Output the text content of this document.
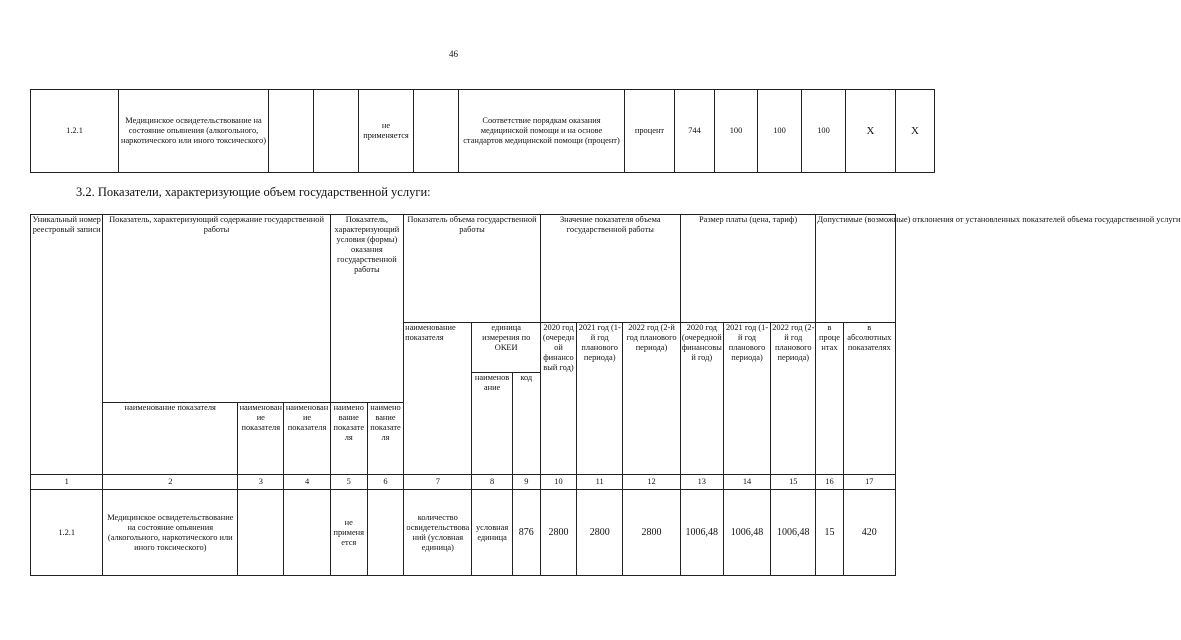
46
1.2.1	Медицинское освидетельствование на состояние опьянения (алкогольного, наркотического или иного токсического)			не применяется		Соответствие порядкам оказания медицинской помощи и на основе стандартов медицинской помощи (процент)	процент	744	100	100	100	X	X
3.2. Показатели, характеризующие объем государственной услуги:
Уникальный номер реестровый записи	Показатель, характеризующий содержание государственной работы			Показатель, характеризующий условия (формы) оказания государственной работы		Показатель объема государственной работы			Значение показателя объема государственной работы			Размер платы (цена, тариф)			Допустимые (возможные) отклонения от установленных показателей объема государственной услуги	
						наименование показателя	единица измерения по ОКЕИ		2020 год (очередной финансовый год)	2021 год (1-й год планового периода)	2022 год (2-й год планового периода)	2020 год (очередной финансовый год)	2021 год (1-й год планового периода)	2022 год (2-й год планового периода)	в процентах	в абсолютных показателях
							наименование	код								
	наименование показателя	наименование показателя	наименование показателя	наименование показателя	наименование показателя											
1	2	3	4	5	6	7	8	9	10	11	12	13	14	15	16	17
1.2.1	Медицинское освидетельствование на состояние опьянения (алкогольного, наркотического или иного токсического)			не применяется		количество освидетельствований (условная единица)	условная единица	876	2800	2800	2800	1006,48	1006,48	1006,48	15	420
